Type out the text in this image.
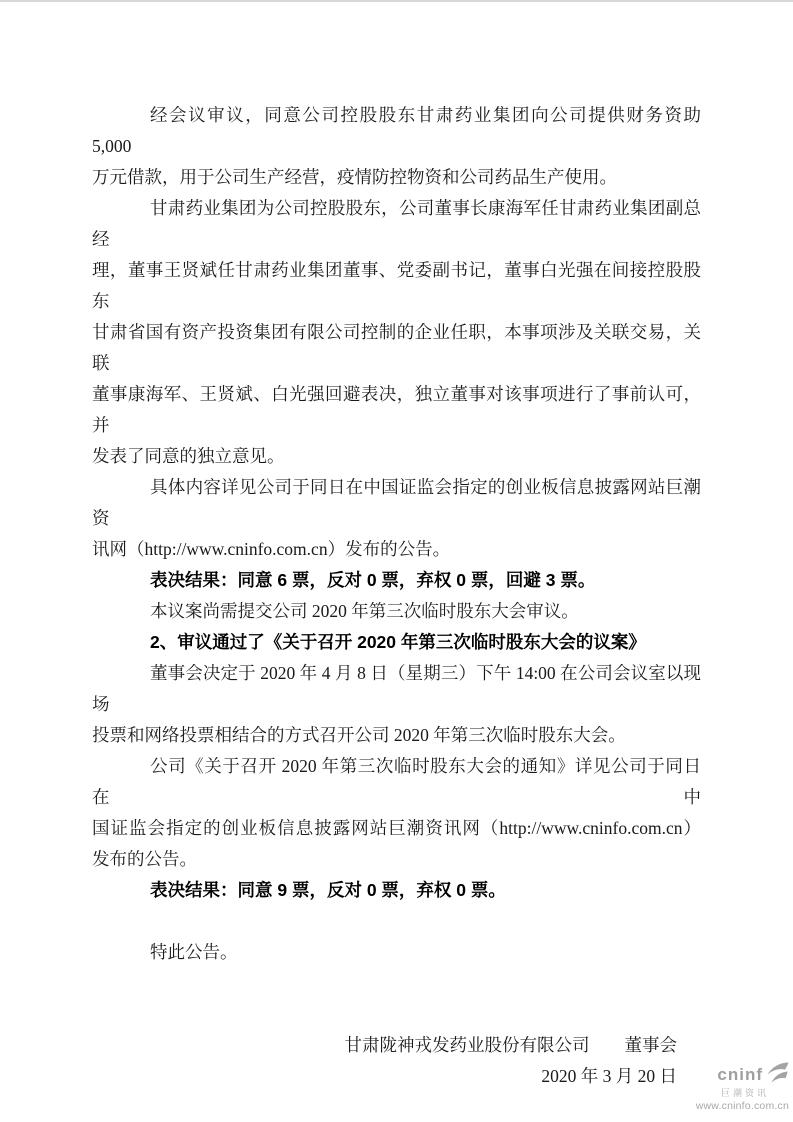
经会议审议，同意公司控股股东甘肃药业集团向公司提供财务资助 5,000
万元借款，用于公司生产经营，疫情防控物资和公司药品生产使用。
甘肃药业集团为公司控股股东，公司董事长康海军任甘肃药业集团副总经
理，董事王贤斌任甘肃药业集团董事、党委副书记，董事白光强在间接控股股东
甘肃省国有资产投资集团有限公司控制的企业任职，本事项涉及关联交易，关联
董事康海军、王贤斌、白光强回避表决，独立董事对该事项进行了事前认可，并
发表了同意的独立意见。
具体内容详见公司于同日在中国证监会指定的创业板信息披露网站巨潮资
讯网（http://www.cninfo.com.cn）发布的公告。
表决结果：同意 6 票，反对 0 票，弃权 0 票，回避 3 票。
本议案尚需提交公司 2020 年第三次临时股东大会审议。
2、审议通过了《关于召开 2020 年第三次临时股东大会的议案》
董事会决定于 2020 年 4 月 8 日（星期三）下午 14:00 在公司会议室以现场
投票和网络投票相结合的方式召开公司 2020 年第三次临时股东大会。
公司《关于召开 2020 年第三次临时股东大会的通知》详见公司于同日在中
国证监会指定的创业板信息披露网站巨潮资讯网（http://www.cninfo.com.cn）
发布的公告。
表决结果：同意 9 票，反对 0 票，弃权 0 票。

特此公告。

甘肃陇神戎发药业股份有限公司　　董事会
2020 年 3 月 20 日	cninf
巨潮资讯
www.cninfo.com.cn
